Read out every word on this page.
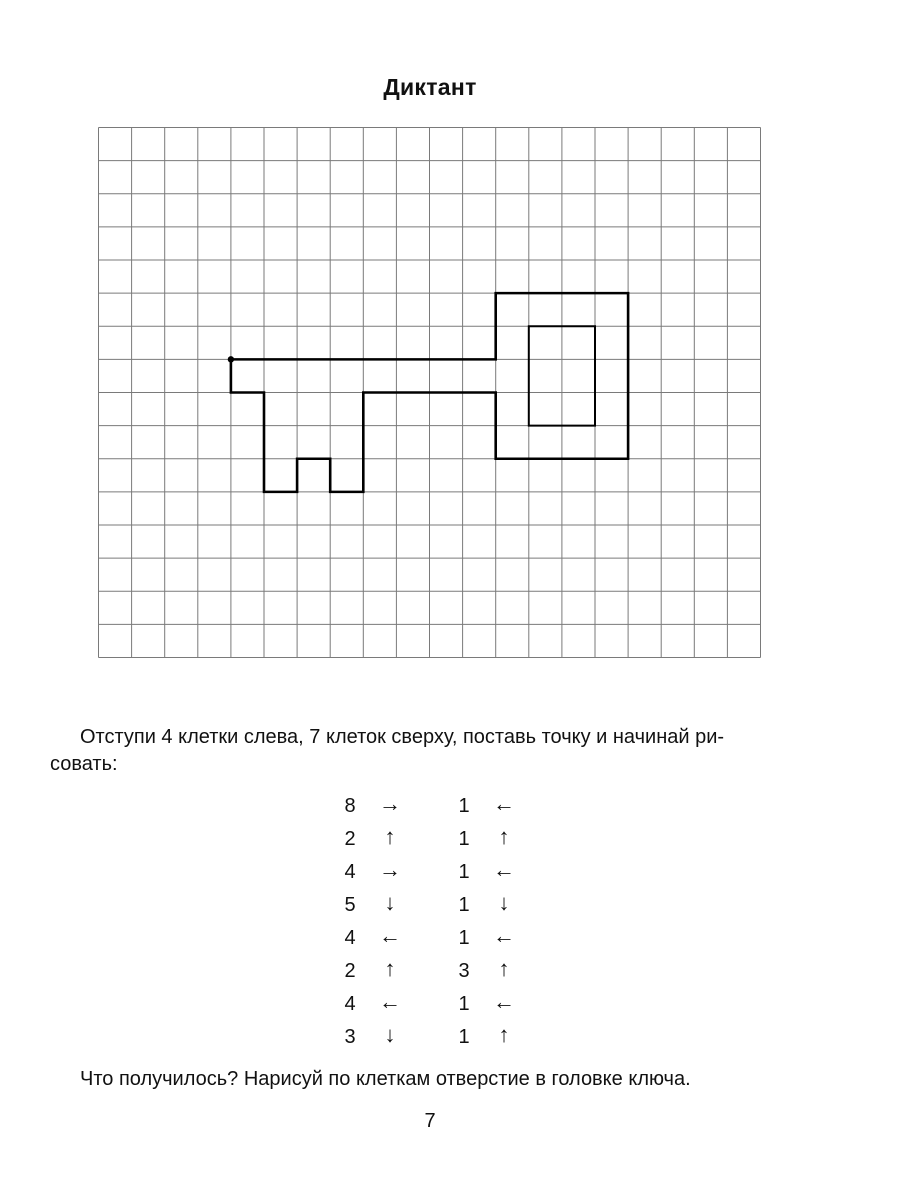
Диктант
Отступи 4 клетки слева, 7 клеток сверху, поставь точку и начинай ри-
совать:
8 →	1 ←
2 ↑	1 ↑
4 →	1 ←
5 ↓	1 ↓
4 ←	1 ←
2 ↑	3 ↑
4 ←	1 ←
3 ↓	1 ↑
Что получилось? Нарисуй по клеткам отверстие в головке ключа.
7
